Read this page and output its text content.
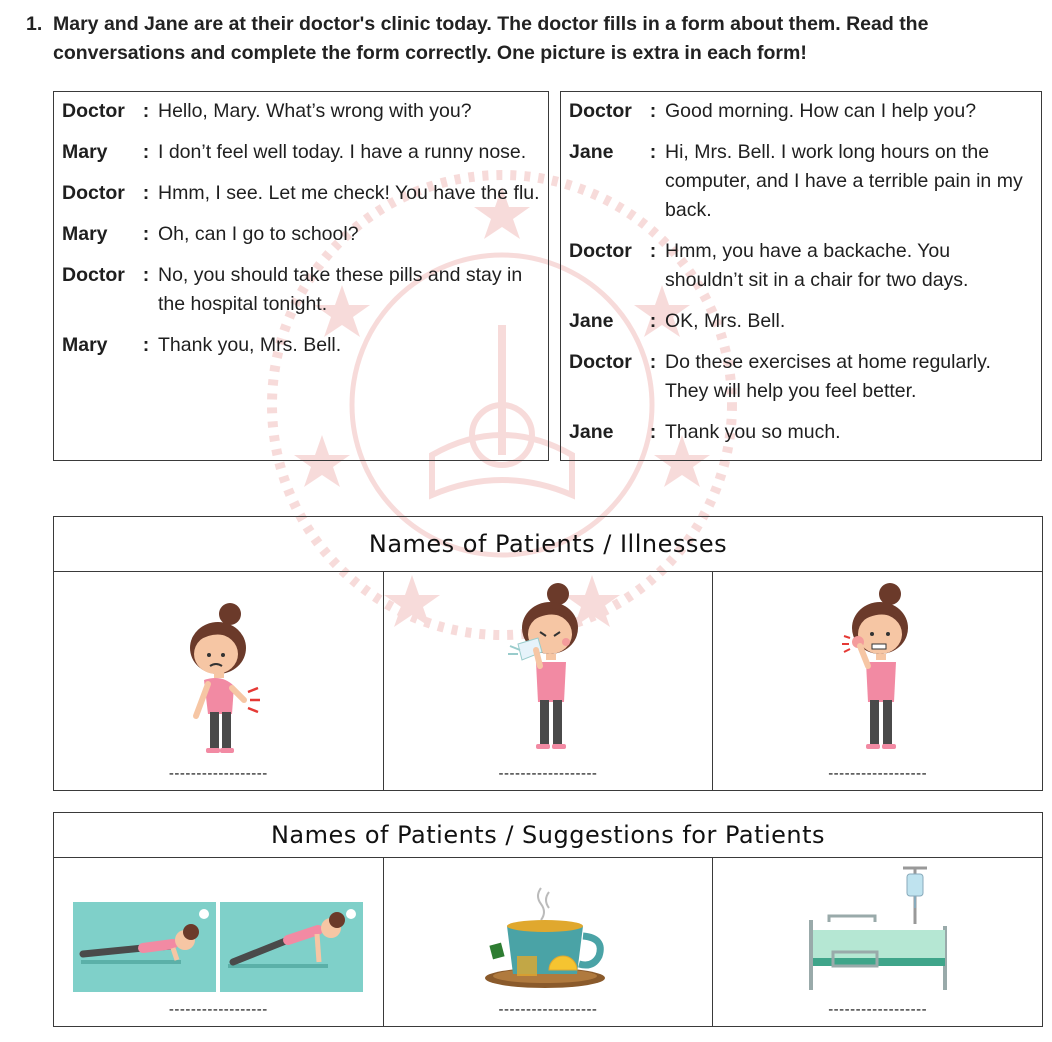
1. Mary and Jane are at their doctor's clinic today. The doctor fills in a form about them. Read the conversations and complete the form correctly. One picture is extra in each form!
Doctor : Hello, Mary. What’s wrong with you?
Mary	: I don’t feel well today. I have a runny nose.
Doctor : Hmm, I see. Let me check! You have the flu.
Mary	: Oh, can I go to school?
Doctor : No, you should take these pills and stay in the hospital tonight.
Mary	: Thank you, Mrs. Bell.
Doctor : Good morning. How can I help you?
Jane	: Hi, Mrs. Bell. I work long hours on the computer, and I have a terrible pain in my back.
Doctor : Hmm, you have a backache. You shouldn’t sit in a chair for two days.
Jane	: OK, Mrs. Bell.
Doctor : Do these exercises at home regularly. They will help you feel better.
Jane	: Thank you so much.
Names of Patients / Illnesses

------------------	------------------	------------------
Names of Patients / Suggestions for Patients

------------------	------------------	------------------
